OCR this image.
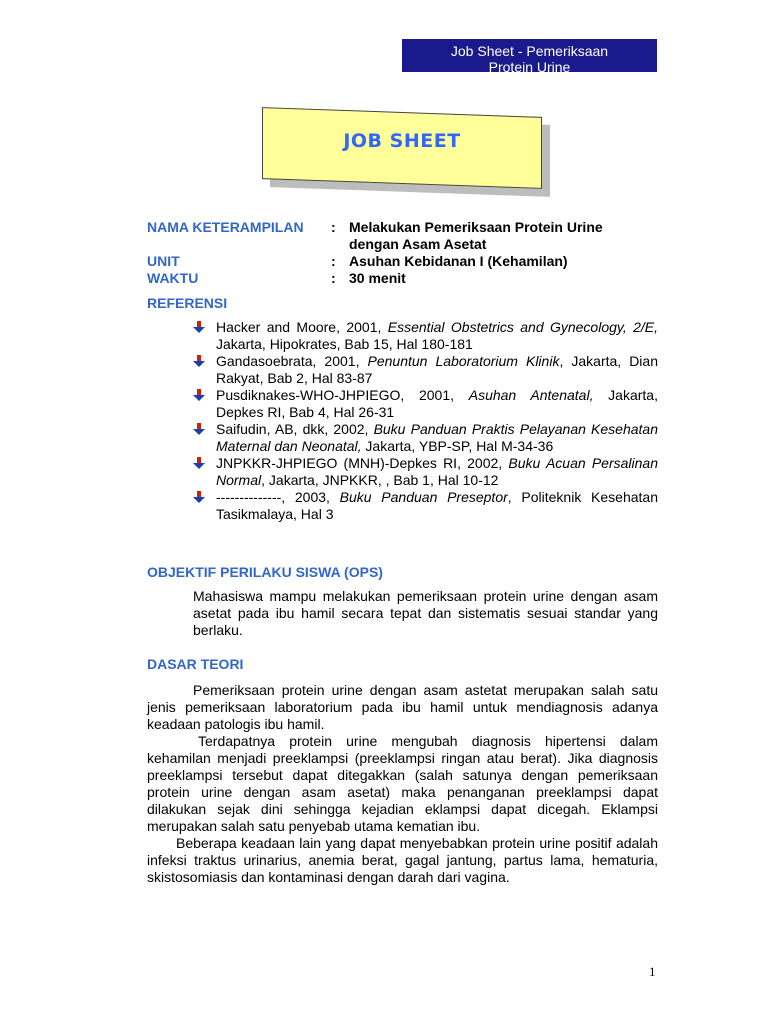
Job Sheet - Pemeriksaan
Protein Urine
JOB SHEET
NAMA KETERAMPILAN	: Melakukan Pemeriksaan Protein Urine dengan Asam Asetat
UNIT	: Asuhan Kebidanan I (Kehamilan)
WAKTU	: 30 menit
REFERENSI
Hacker and Moore, 2001, Essential Obstetrics and Gynecology, 2/E, Jakarta, Hipokrates, Bab 15, Hal 180-181
Gandasoebrata, 2001, Penuntun Laboratorium Klinik, Jakarta, Dian Rakyat, Bab 2, Hal 83-87
Pusdiknakes-WHO-JHPIEGO, 2001, Asuhan Antenatal, Jakarta, Depkes RI, Bab 4, Hal 26-31
Saifudin, AB, dkk, 2002, Buku Panduan Praktis Pelayanan Kesehatan Maternal dan Neonatal, Jakarta, YBP-SP, Hal M-34-36
JNPKKR-JHPIEGO (MNH)-Depkes RI, 2002, Buku Acuan Persalinan Normal, Jakarta, JNPKKR, , Bab 1, Hal 10-12
--------------, 2003, Buku Panduan Preseptor, Politeknik Kesehatan Tasikmalaya, Hal 3
OBJEKTIF PERILAKU SISWA (OPS)
Mahasiswa mampu melakukan pemeriksaan protein urine dengan asam asetat pada ibu hamil secara tepat dan sistematis sesuai standar yang berlaku.
DASAR TEORI

Pemeriksaan protein urine dengan asam astetat merupakan salah satu jenis pemeriksaan laboratorium pada ibu hamil untuk mendiagnosis adanya keadaan patologis ibu hamil.

Terdapatnya protein urine mengubah diagnosis hipertensi dalam kehamilan menjadi preeklampsi (preeklampsi ringan atau berat). Jika diagnosis preeklampsi tersebut dapat ditegakkan (salah satunya dengan pemeriksaan protein urine dengan asam asetat) maka penanganan preeklampsi dapat dilakukan sejak dini sehingga kejadian eklampsi dapat dicegah. Eklampsi merupakan salah satu penyebab utama kematian ibu.

Beberapa keadaan lain yang dapat menyebabkan protein urine positif adalah infeksi traktus urinarius, anemia berat, gagal jantung, partus lama, hematuria, skistosomiasis dan kontaminasi dengan darah dari vagina.

1
